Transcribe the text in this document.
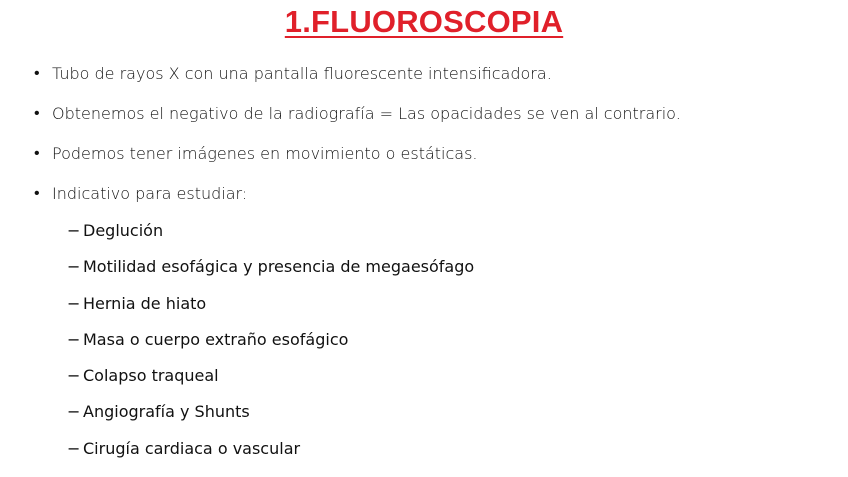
1.FLUOROSCOPIA
• Tubo de rayos X con una pantalla fluorescente intensificadora.
• Obtenemos el negativo de la radiografía = Las opacidades se ven al contrario.
• Podemos tener imágenes en movimiento o estáticas.
• Indicativo para estudiar:
− Deglución
− Motilidad esofágica y presencia de megaesófago
− Hernia de hiato
− Masa o cuerpo extraño esofágico
− Colapso traqueal
− Angiografía y Shunts
− Cirugía cardiaca o vascular
